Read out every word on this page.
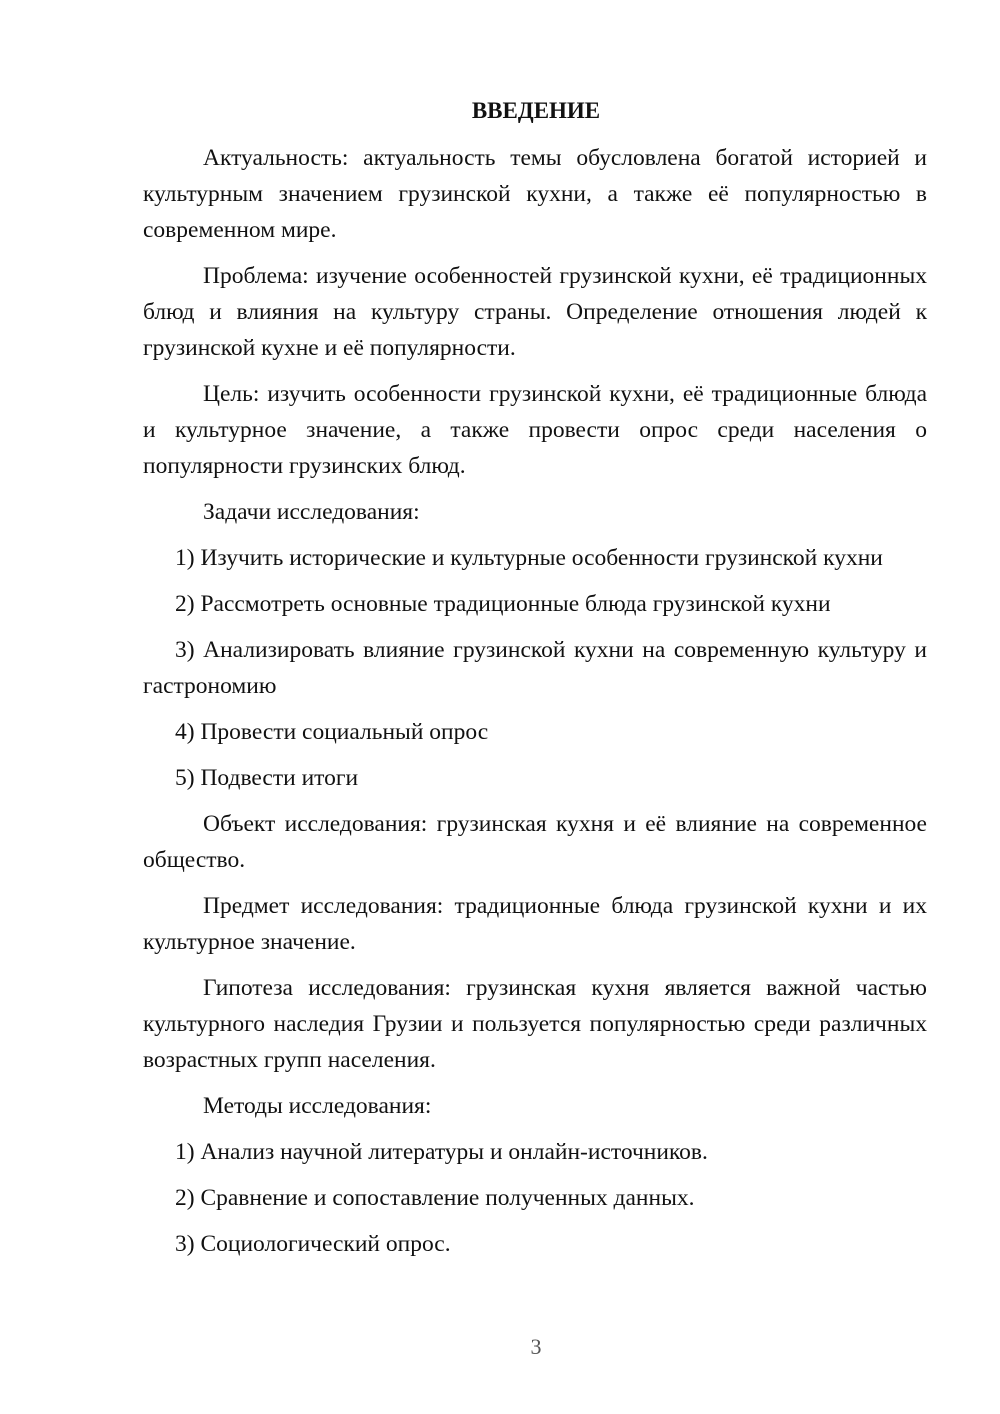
ВВЕДЕНИЕ

Актуальность: актуальность темы обусловлена богатой историей и культурным значением грузинской кухни, а также её популярностью в современном мире.

Проблема: изучение особенностей грузинской кухни, её традиционных блюд и влияния на культуру страны. Определение отношения людей к грузинской кухне и её популярности.

Цель: изучить особенности грузинской кухни, её традиционные блюда и культурное значение, а также провести опрос среди населения о популярности грузинских блюд.

Задачи исследования:

1) Изучить исторические и культурные особенности грузинской кухни

2) Рассмотреть основные традиционные блюда грузинской кухни

3) Анализировать влияние грузинской кухни на современную культуру и гастрономию

4) Провести социальный опрос

5) Подвести итоги

Объект исследования: грузинская кухня и её влияние на современное общество.

Предмет исследования: традиционные блюда грузинской кухни и их культурное значение.

Гипотеза исследования: грузинская кухня является важной частью культурного наследия Грузии и пользуется популярностью среди различных возрастных групп населения.

Методы исследования:

1) Анализ научной литературы и онлайн-источников.

2) Сравнение и сопоставление полученных данных.

3) Социологический опрос.

3
